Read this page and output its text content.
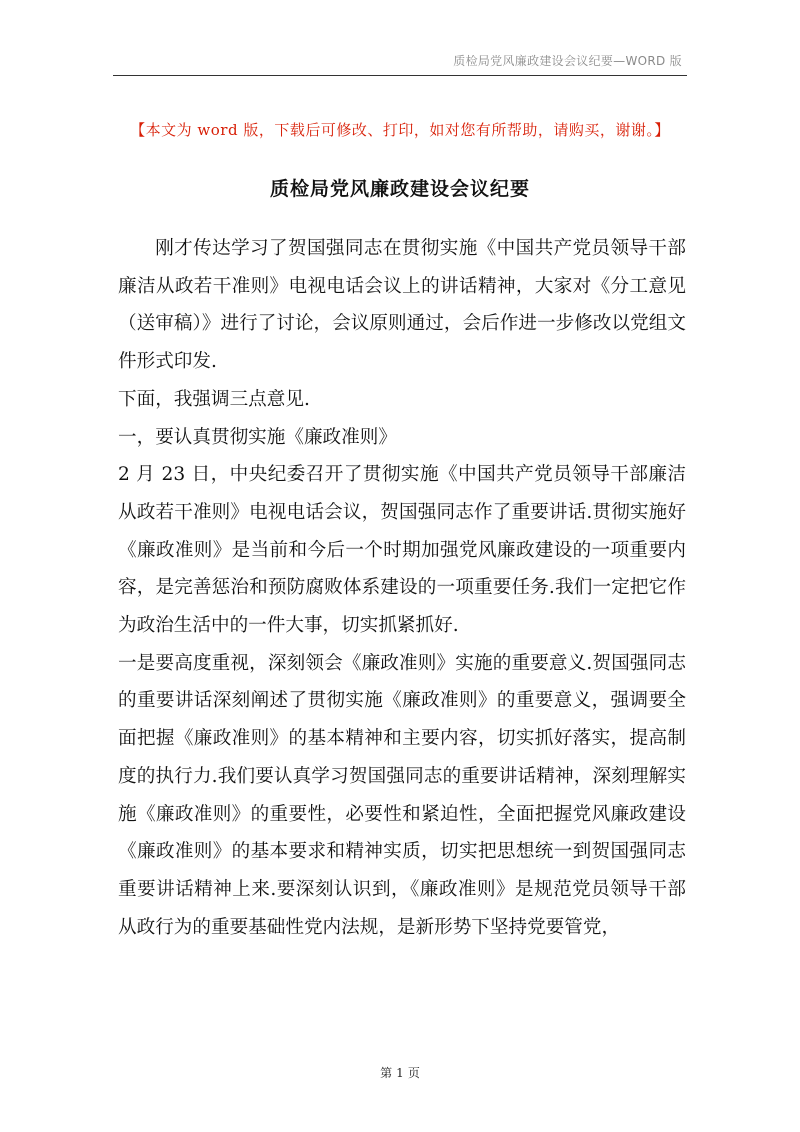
质检局党风廉政建设会议纪要—WORD 版
【本文为 word 版，下载后可修改、打印，如对您有所帮助，请购买，谢谢。】
质检局党风廉政建设会议纪要

刚才传达学习了贺国强同志在贯彻实施《中国共产党员领导干部廉洁从政若干准则》电视电话会议上的讲话精神，大家对《分工意见（送审稿）》进行了讨论，会议原则通过，会后作进一步修改以党组文件形式印发.

下面，我强调三点意见.

一，要认真贯彻实施《廉政准则》

2 月 23 日，中央纪委召开了贯彻实施《中国共产党员领导干部廉洁从政若干准则》电视电话会议，贺国强同志作了重要讲话.贯彻实施好《廉政准则》是当前和今后一个时期加强党风廉政建设的一项重要内容，是完善惩治和预防腐败体系建设的一项重要任务.我们一定把它作为政治生活中的一件大事，切实抓紧抓好.

一是要高度重视，深刻领会《廉政准则》实施的重要意义.贺国强同志的重要讲话深刻阐述了贯彻实施《廉政准则》的重要意义，强调要全面把握《廉政准则》的基本精神和主要内容，切实抓好落实，提高制度的执行力.我们要认真学习贺国强同志的重要讲话精神，深刻理解实施《廉政准则》的重要性，必要性和紧迫性，全面把握党风廉政建设《廉政准则》的基本要求和精神实质，切实把思想统一到贺国强同志重要讲话精神上来.要深刻认识到，《廉政准则》是规范党员领导干部从政行为的重要基础性党内法规，是新形势下坚持党要管党，

第 1 页
